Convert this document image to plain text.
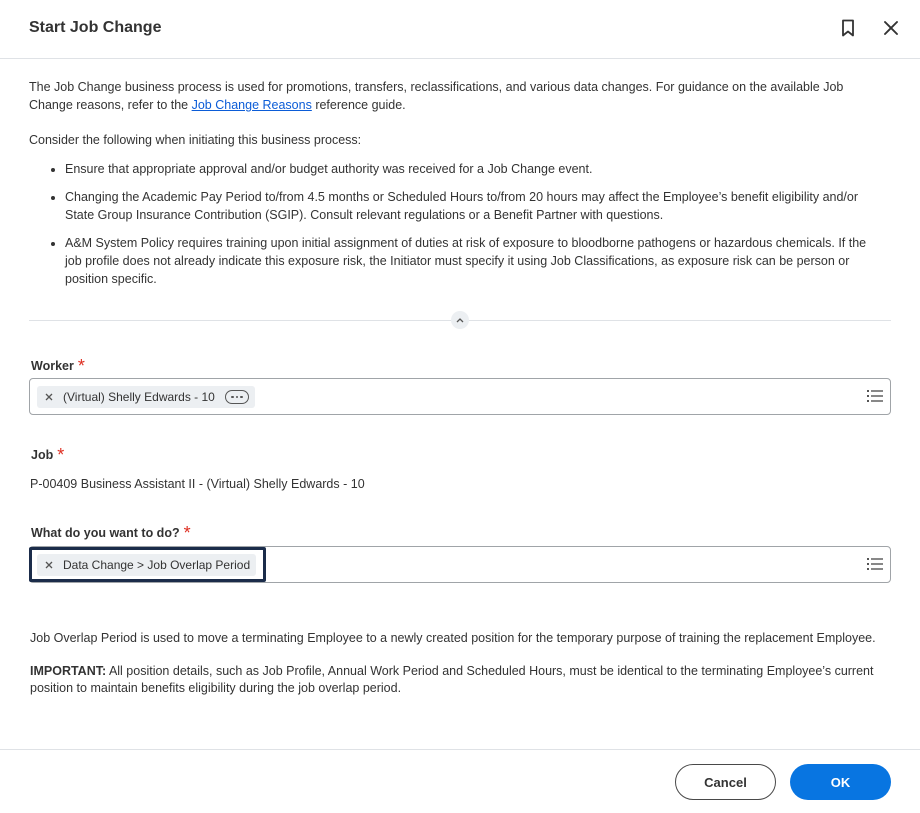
Start Job Change

The Job Change business process is used for promotions, transfers, reclassifications, and various data changes. For guidance on the available Job Change reasons, refer to the Job Change Reasons reference guide.

Consider the following when initiating this business process:
• Ensure that appropriate approval and/or budget authority was received for a Job Change event.
• Changing the Academic Pay Period to/from 4.5 months or Scheduled Hours to/from 20 hours may affect the Employee’s benefit eligibility and/or State Group Insurance Contribution (SGIP). Consult relevant regulations or a Benefit Partner with questions.
• A&M System Policy requires training upon initial assignment of duties at risk of exposure to bloodborne pathogens or hazardous chemicals. If the job profile does not already indicate this exposure risk, the Initiator must specify it using Job Classifications, as exposure risk can be person or position specific.
Worker *
(Virtual) Shelly Edwards - 10
Job *
P-00409 Business Assistant II - (Virtual) Shelly Edwards - 10
What do you want to do? *
Data Change > Job Overlap Period
Job Overlap Period is used to move a terminating Employee to a newly created position for the temporary purpose of training the replacement Employee.
IMPORTANT: All position details, such as Job Profile, Annual Work Period and Scheduled Hours, must be identical to the terminating Employee’s current position to maintain benefits eligibility during the job overlap period.
Cancel	OK
